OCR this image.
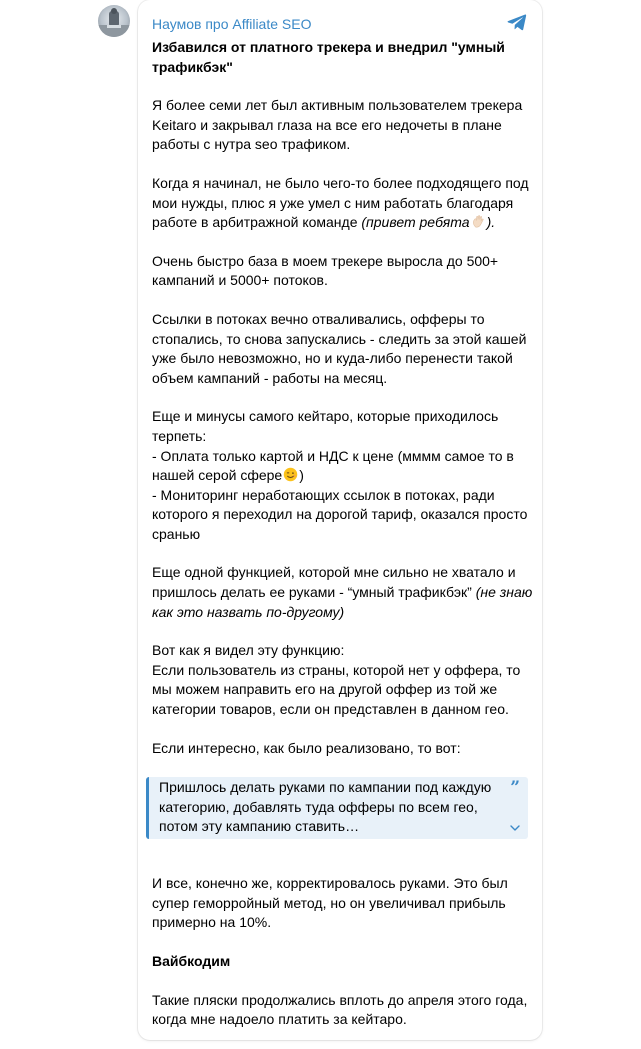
Наумов про Affiliate SEO

Избавился от платного трекера и внедрил "умный трафикбэк"

Я более семи лет был активным пользователем трекера Keitaro и закрывал глаза на все его недочеты в плане работы с нутра seo трафиком.

Когда я начинал, не было чего-то более подходящего под мои нужды, плюс я уже умел с ним работать благодаря работе в арбитражной команде (привет ребята ).

Очень быстро база в моем трекере выросла до 500+ кампаний и 5000+ потоков.

Ссылки в потоках вечно отваливались, офферы то стопались, то снова запускались - следить за этой кашей уже было невозможно, но и куда-либо перенести такой объем кампаний - работы на месяц.

Еще и минусы самого кейтаро, которые приходилось терпеть:
- Оплата только картой и НДС к цене (мммм самое то в нашей серой сфере )
- Мониторинг неработающих ссылок в потоках, ради которого я переходил на дорогой тариф, оказался просто сранью

Еще одной функцией, которой мне сильно не хватало и пришлось делать ее руками - “умный трафикбэк” (не знаю как это назвать по-другому)

Вот как я видел эту функцию:
Если пользователь из страны, которой нет у оффера, то мы можем направить его на другой оффер из той же категории товаров, если он представлен в данном гео.

Если интересно, как было реализовано, то вот:

Пришлось делать руками по кампании под каждую категорию, добавлять туда офферы по всем гео, потом эту кампанию ставить…
”

И все, конечно же, корректировалось руками. Это был супер геморройный метод, но он увеличивал прибыль примерно на 10%.

Вайбкодим

Такие пляски продолжались вплоть до апреля этого года, когда мне надоело платить за кейтаро.
